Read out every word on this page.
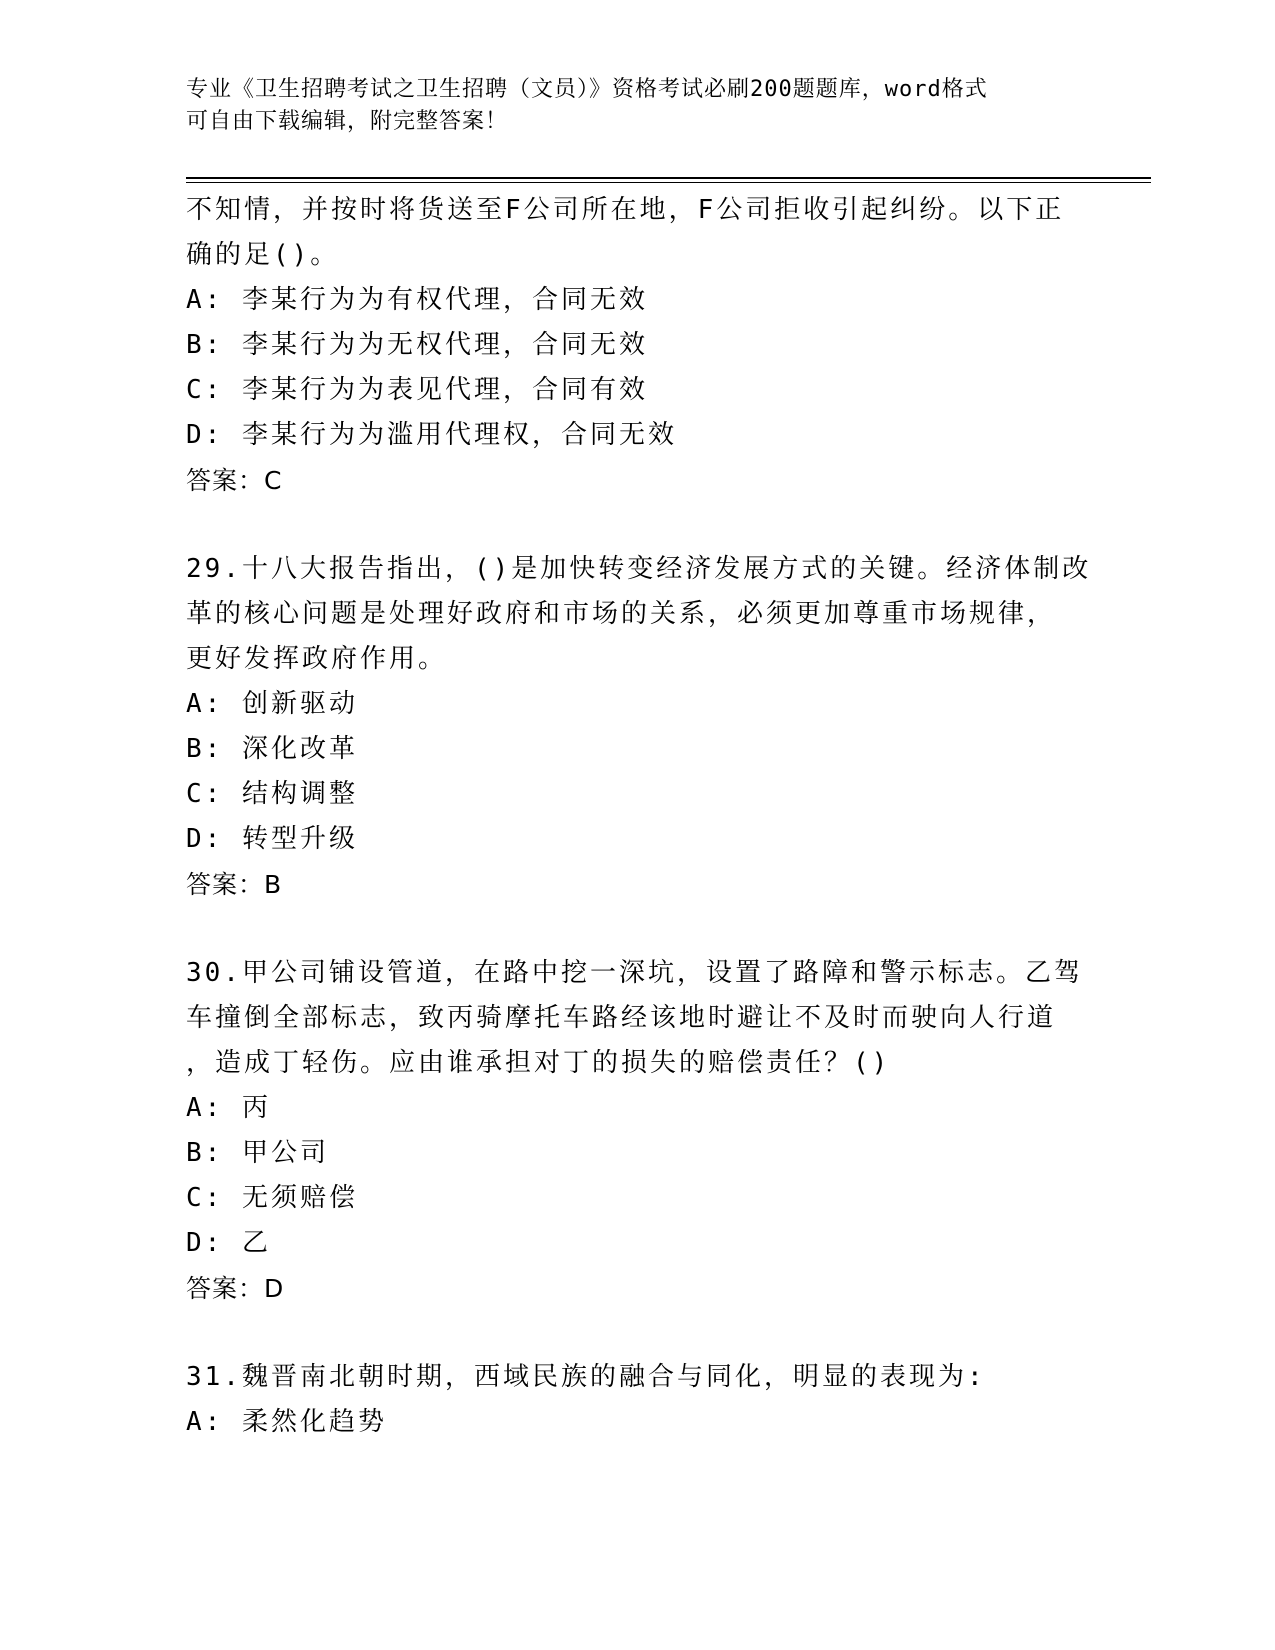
专业《卫生招聘考试之卫生招聘（文员）》资格考试必刷200题题库，word格式
可自由下载编辑，附完整答案！
不知情，并按时将货送至F公司所在地，F公司拒收引起纠纷。以下正
确的足()。
A: 李某行为为有权代理，合同无效
B: 李某行为为无权代理，合同无效
C: 李某行为为表见代理，合同有效
D: 李某行为为滥用代理权，合同无效
答案：C
29.十八大报告指出，()是加快转变经济发展方式的关键。经济体制改
革的核心问题是处理好政府和市场的关系，必须更加尊重市场规律，
更好发挥政府作用。
A: 创新驱动
B: 深化改革
C: 结构调整
D: 转型升级
答案：B
30.甲公司铺设管道，在路中挖一深坑，设置了路障和警示标志。乙驾
车撞倒全部标志，致丙骑摩托车路经该地时避让不及时而驶向人行道
，造成丁轻伤。应由谁承担对丁的损失的赔偿责任？()
A: 丙
B: 甲公司
C: 无须赔偿
D: 乙
答案：D
31.魏晋南北朝时期，西域民族的融合与同化，明显的表现为:
A: 柔然化趋势
